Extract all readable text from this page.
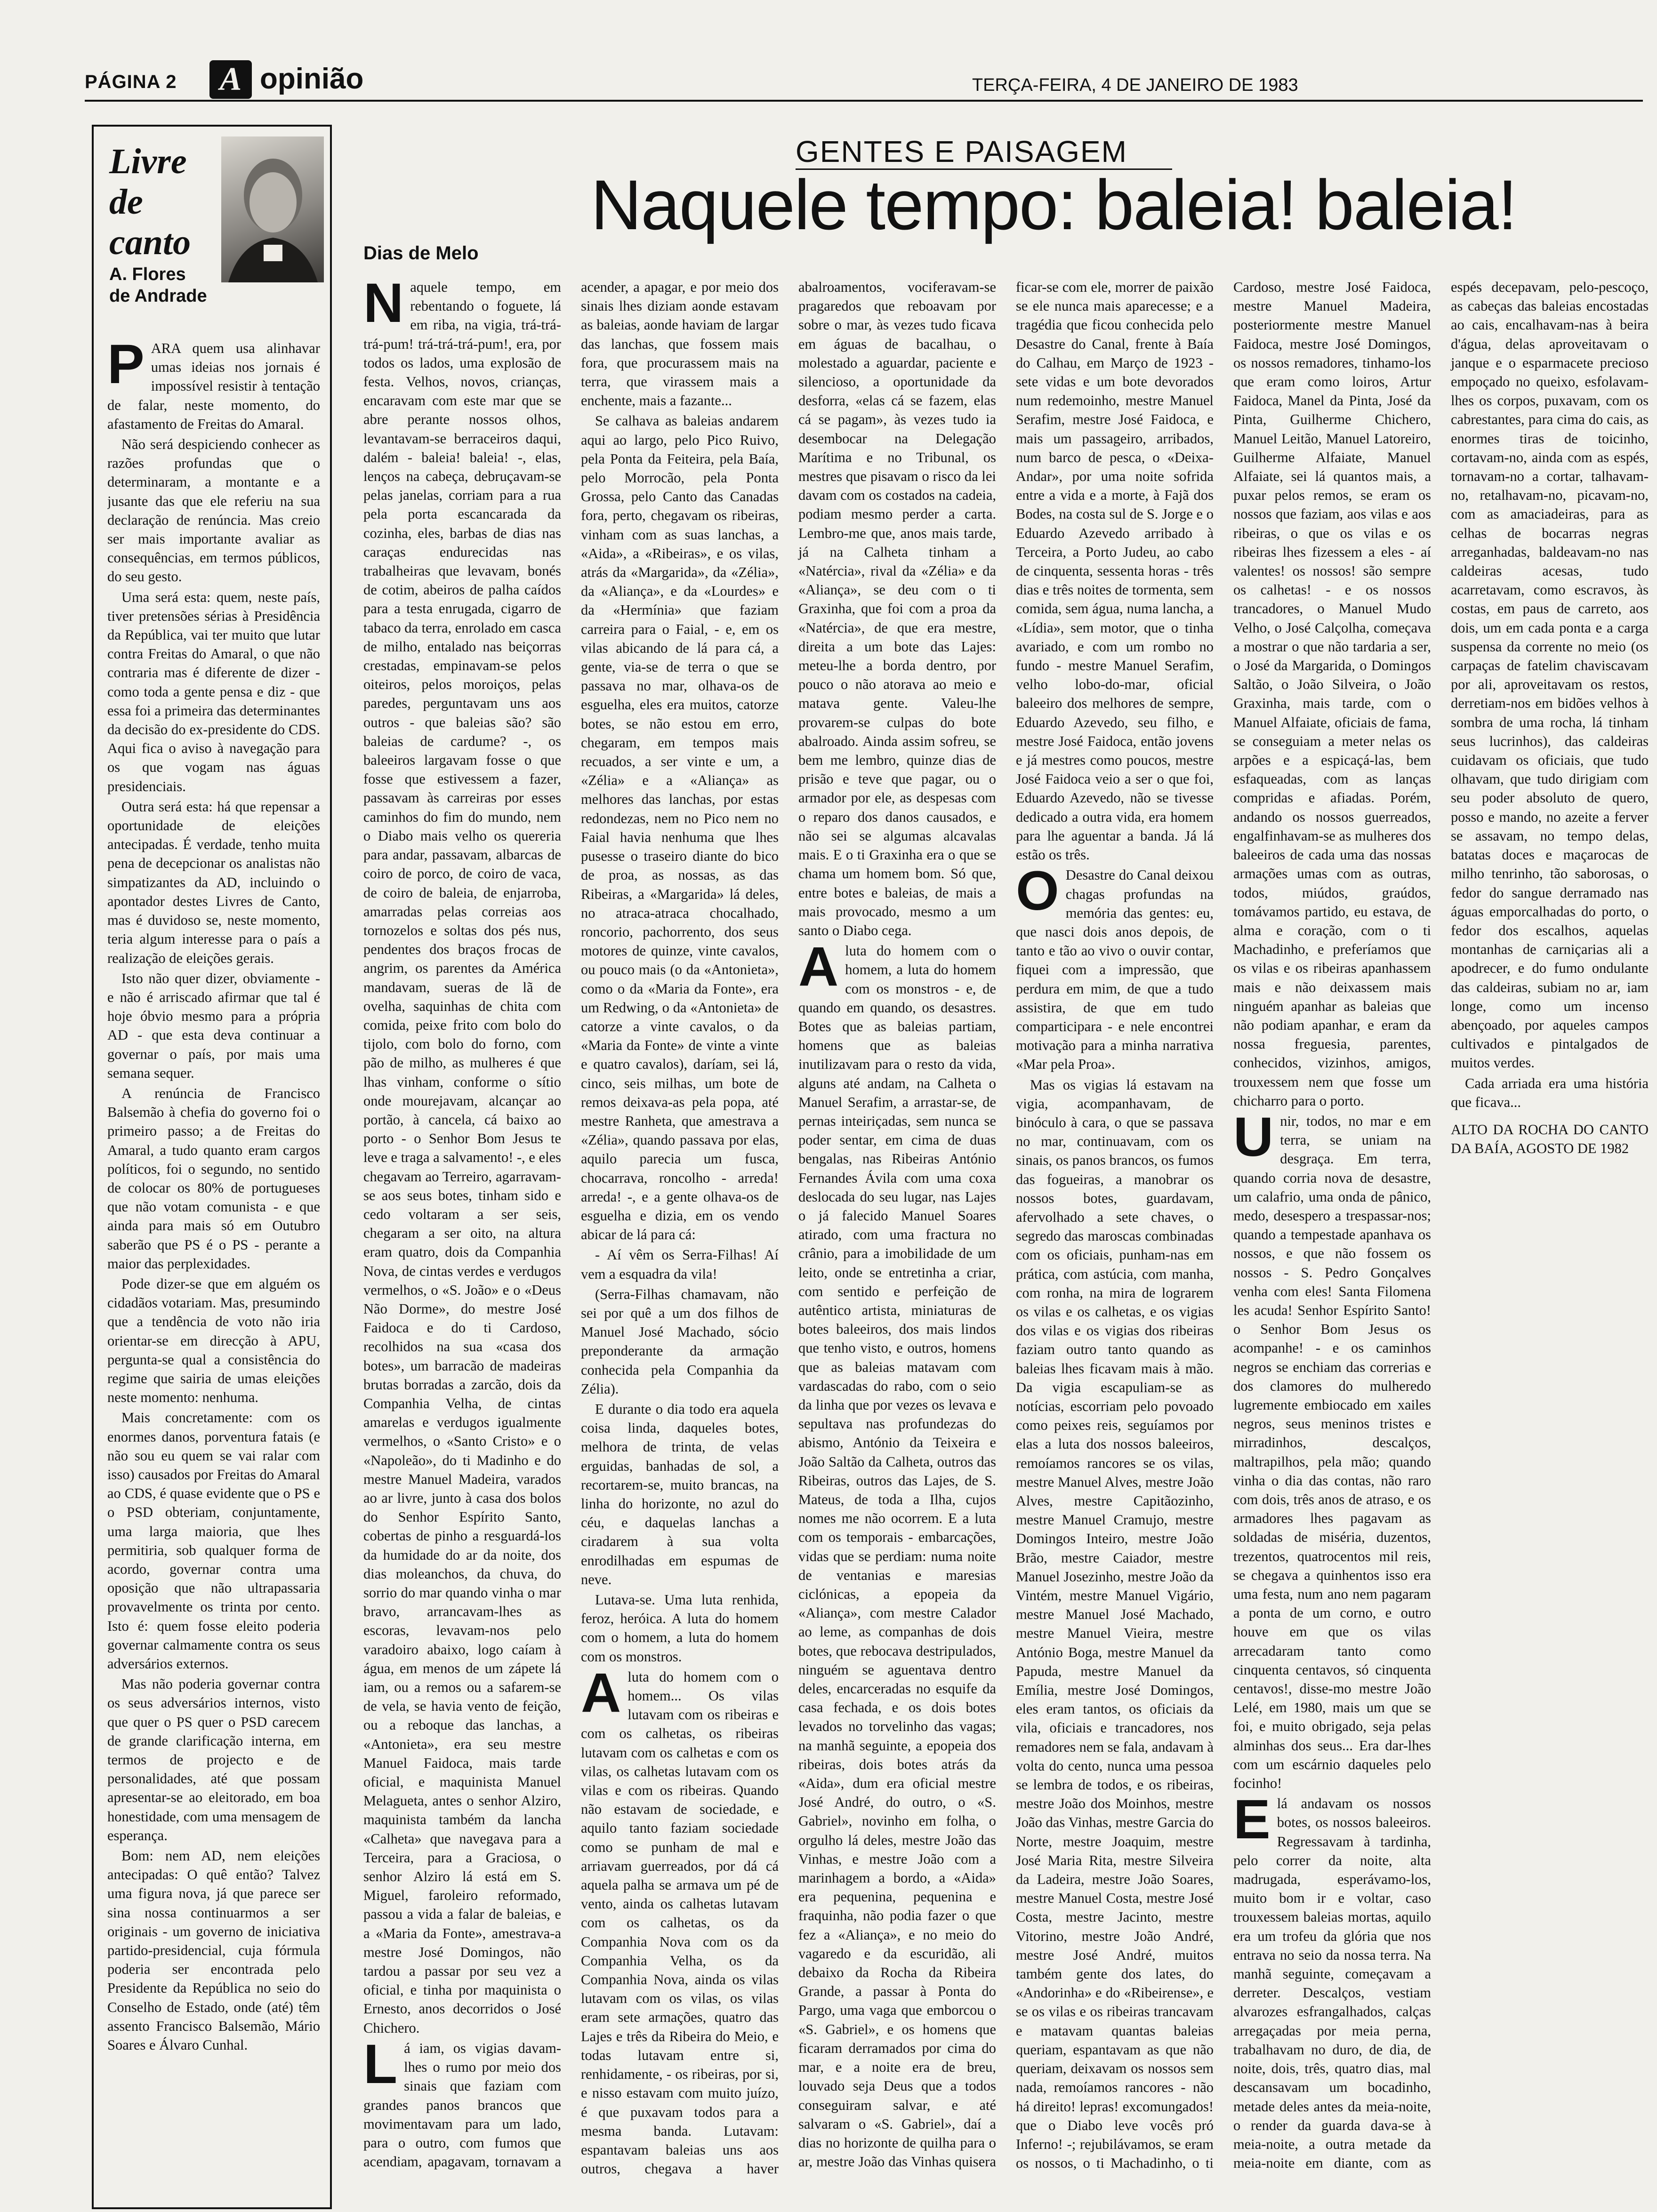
PÁGINA 2	A opinião	TERÇA-FEIRA, 4 DE JANEIRO DE 1983
Livre
de
canto
A. Flores
de Andrade

PARA quem usa alinhavar umas ideias nos jornais é impossível resistir à tentação de falar, neste momento, do afastamento de Freitas do Amaral.

Não será despiciendo conhecer as razões profundas que o determinaram, a montante e a jusante das que ele referiu na sua declaração de renúncia. Mas creio ser mais importante avaliar as consequências, em termos públicos, do seu gesto.

Uma será esta: quem, neste país, tiver pretensões sérias à Presidência da República, vai ter muito que lutar contra Freitas do Amaral, o que não contraria mas é diferente de dizer - como toda a gente pensa e diz - que essa foi a primeira das determinantes da decisão do ex-presidente do CDS. Aqui fica o aviso à navegação para os que vogam nas águas presidenciais.

Outra será esta: há que repensar a oportunidade de eleições antecipadas. É verdade, tenho muita pena de decepcionar os analistas não simpatizantes da AD, incluindo o apontador destes Livres de Canto, mas é duvidoso se, neste momento, teria algum interesse para o país a realização de eleições gerais.

Isto não quer dizer, obviamente - e não é arriscado afirmar que tal é hoje óbvio mesmo para a própria AD - que esta deva continuar a governar o país, por mais uma semana sequer.

A renúncia de Francisco Balsemão à chefia do governo foi o primeiro passo; a de Freitas do Amaral, a tudo quanto eram cargos políticos, foi o segundo, no sentido de colocar os 80% de portugueses que não votam comunista - e que ainda para mais só em Outubro saberão que PS é o PS - perante a maior das perplexidades.

Pode dizer-se que em alguém os cidadãos votariam. Mas, presumindo que a tendência de voto não iria orientar-se em direcção à APU, pergunta-se qual a consistência do regime que sairia de umas eleições neste momento: nenhuma.

Mais concretamente: com os enormes danos, porventura fatais (e não sou eu quem se vai ralar com isso) causados por Freitas do Amaral ao CDS, é quase evidente que o PS e o PSD obteriam, conjuntamente, uma larga maioria, que lhes permitiria, sob qualquer forma de acordo, governar contra uma oposição que não ultrapassaria provavelmente os trinta por cento. Isto é: quem fosse eleito poderia governar calmamente contra os seus adversários externos.

Mas não poderia governar contra os seus adversários internos, visto que quer o PS quer o PSD carecem de grande clarificação interna, em termos de projecto e de personalidades, até que possam apresentar-se ao eleitorado, em boa honestidade, com uma mensagem de esperança.

Bom: nem AD, nem eleições antecipadas: O quê então? Talvez uma figura nova, já que parece ser sina nossa continuarmos a ser originais - um governo de iniciativa partido-presidencial, cuja fórmula poderia ser encontrada pelo Presidente da República no seio do Conselho de Estado, onde (até) têm assento Francisco Balsemão, Mário Soares e Álvaro Cunhal.

GENTES E PAISAGEM
Naquele tempo: baleia! baleia!
Dias de Melo

Naquele tempo, em rebentando o foguete, lá em riba, na vigia, trá-trá-trá-pum! trá-trá-trá-pum!, era, por todos os lados, uma explosão de festa. Velhos, novos, crianças, encaravam com este mar que se abre perante nossos olhos, levantavam-se berraceiros daqui, dalém - baleia! baleia! -, elas, lenços na cabeça, debruçavam-se pelas janelas, corriam para a rua pela porta escancarada da cozinha, eles, barbas de dias nas caraças endurecidas nas trabalheiras que levavam, bonés de cotim, abeiros de palha caídos para a testa enrugada, cigarro de tabaco da terra, enrolado em casca de milho, entalado nas beiçorras crestadas, empinavam-se pelos oiteiros, pelos moroiços, pelas paredes, perguntavam uns aos outros - que baleias são? são baleias de cardume? -, os baleeiros largavam fosse o que fosse que estivessem a fazer, passavam às carreiras por esses caminhos do fim do mundo, nem o Diabo mais velho os quereria para andar, passavam, albarcas de coiro de porco, de coiro de vaca, de coiro de baleia, de enjarroba, amarradas pelas correias aos tornozelos e soltas dos pés nus, pendentes dos braços frocas de angrim, os parentes da América mandavam, sueras de lã de ovelha, saquinhas de chita com comida, peixe frito com bolo do tijolo, com bolo do forno, com pão de milho, as mulheres é que lhas vinham, conforme o sítio onde mourejavam, alcançar ao portão, à cancela, cá baixo ao porto - o Senhor Bom Jesus te leve e traga a salvamento! -, e eles chegavam ao Terreiro, agarravam-se aos seus botes, tinham sido e cedo voltaram a ser seis, chegaram a ser oito, na altura eram quatro, dois da Companhia Nova, de cintas verdes e verdugos vermelhos, o «S. João» e o «Deus Não Dorme», do mestre José Faidoca e do ti Cardoso, recolhidos na sua «casa dos botes», um barracão de madeiras brutas borradas a zarcão, dois da Companhia Velha, de cintas amarelas e verdugos igualmente vermelhos, o «Santo Cristo» e o «Napoleão», do ti Madinho e do mestre Manuel Madeira, varados ao ar livre, junto à casa dos bolos do Senhor Espírito Santo, cobertas de pinho a resguardá-los da humidade do ar da noite, dos dias moleanchos, da chuva, do sorrio do mar quando vinha o mar bravo, arrancavam-lhes as escoras, levavam-nos pelo varadoiro abaixo, logo caíam à água, em menos de um zápete lá iam, ou a remos ou a safarem-se de vela, se havia vento de feição, ou a reboque das lanchas, a «Antonieta», era seu mestre Manuel Faidoca, mais tarde oficial, e maquinista Manuel Melagueta, antes o senhor Alziro, maquinista também da lancha «Calheta» que navegava para a Terceira, para a Graciosa, o senhor Alziro lá está em S. Miguel, faroleiro reformado, passou a vida a falar de baleias, e a «Maria da Fonte», amestrava-a mestre José Domingos, não tardou a passar por seu vez a oficial, e tinha por maquinista o Ernesto, anos decorridos o José Chichero.

Lá iam, os vigias davam-lhes o rumo por meio dos sinais que faziam com grandes panos brancos que movimentavam para um lado, para o outro, com fumos que acendiam, apagavam, tornavam a acender, a apagar, e por meio dos sinais lhes diziam aonde estavam as baleias, aonde haviam de largar das lanchas, que fossem mais fora, que procurassem mais na terra, que virassem mais a enchente, mais a fazante...

Se calhava as baleias andarem aqui ao largo, pelo Pico Ruivo, pela Ponta da Feiteira, pela Baía, pelo Morrocão, pela Ponta Grossa, pelo Canto das Canadas fora, perto, chegavam os ribeiras, vinham com as suas lanchas, a «Aida», a «Ribeiras», e os vilas, atrás da «Margarida», da «Zélia», da «Aliança», e da «Lourdes» e da «Hermínia» que faziam carreira para o Faial, - e, em os vilas abicando de lá para cá, a gente, via-se de terra o que se passava no mar, olhava-os de esguelha, eles era muitos, catorze botes, se não estou em erro, chegaram, em tempos mais recuados, a ser vinte e um, a «Zélia» e a «Aliança» as melhores das lanchas, por estas redondezas, nem no Pico nem no Faial havia nenhuma que lhes pusesse o traseiro diante do bico de proa, as nossas, as das Ribeiras, a «Margarida» lá deles, no atraca-atraca chocalhado, roncorio, pachorrento, dos seus motores de quinze, vinte cavalos, ou pouco mais (o da «Antonieta», como o da «Maria da Fonte», era um Redwing, o da «Antonieta» de catorze a vinte cavalos, o da «Maria da Fonte» de vinte a vinte e quatro cavalos), daríam, sei lá, cinco, seis milhas, um bote de remos deixava-as pela popa, até mestre Ranheta, que amestrava a «Zélia», quando passava por elas, aquilo parecia um fusca, chocarrava, roncolho - arreda! arreda! -, e a gente olhava-os de esguelha e dizia, em os vendo abicar de lá para cá:

- Aí vêm os Serra-Filhas! Aí vem a esquadra da vila!

(Serra-Filhas chamavam, não sei por quê a um dos filhos de Manuel José Machado, sócio preponderante da armação conhecida pela Companhia da Zélia).

E durante o dia todo era aquela coisa linda, daqueles botes, melhora de trinta, de velas erguidas, banhadas de sol, a recortarem-se, muito brancas, na linha do horizonte, no azul do céu, e daquelas lanchas a ciradarem à sua volta enrodilhadas em espumas de neve.

Lutava-se. Uma luta renhida, feroz, heróica. A luta do homem com o homem, a luta do homem com os monstros.

A luta do homem com o homem... Os vilas lutavam com os ribeiras e com os calhetas, os ribeiras lutavam com os calhetas e com os vilas, os calhetas lutavam com os vilas e com os ribeiras. Quando não estavam de sociedade, e aquilo tanto faziam sociedade como se punham de mal e arriavam guerreados, por dá cá aquela palha se armava um pé de vento, ainda os calhetas lutavam com os calhetas, os da Companhia Nova com os da Companhia Velha, os da Companhia Nova, ainda os vilas lutavam com os vilas, os vilas eram sete armações, quatro das Lajes e três da Ribeira do Meio, e todas lutavam entre si, renhidamente, - os ribeiras, por si, e nisso estavam com muito juízo, é que puxavam todos para a mesma banda. Lutavam: espantavam baleias uns aos outros, chegava a haver abalroamentos, vociferavam-se pragaredos que reboavam por sobre o mar, às vezes tudo ficava em águas de bacalhau, o molestado a aguardar, paciente e silencioso, a oportunidade da desforra, «elas cá se fazem, elas cá se pagam», às vezes tudo ia desembocar na Delegação Marítima e no Tribunal, os mestres que pisavam o risco da lei davam com os costados na cadeia, podiam mesmo perder a carta. Lembro-me que, anos mais tarde, já na Calheta tinham a «Natércia», rival da «Zélia» e da «Aliança», se deu com o ti Graxinha, que foi com a proa da «Natércia», de que era mestre, direita a um bote das Lajes: meteu-lhe a borda dentro, por pouco o não atorava ao meio e matava gente. Valeu-lhe provarem-se culpas do bote abalroado. Ainda assim sofreu, se bem me lembro, quinze dias de prisão e teve que pagar, ou o armador por ele, as despesas com o reparo dos danos causados, e não sei se algumas alcavalas mais. E o ti Graxinha era o que se chama um homem bom. Só que, entre botes e baleias, de mais a mais provocado, mesmo a um santo o Diabo cega.

A luta do homem com o homem, a luta do homem com os monstros - e, de quando em quando, os desastres. Botes que as baleias partiam, homens que as baleias inutilizavam para o resto da vida, alguns até andam, na Calheta o Manuel Serafim, a arrastar-se, de pernas inteiriçadas, sem nunca se poder sentar, em cima de duas bengalas, nas Ribeiras António Fernandes Ávila com uma coxa deslocada do seu lugar, nas Lajes o já falecido Manuel Soares atirado, com uma fractura no crânio, para a imobilidade de um leito, onde se entretinha a criar, com sentido e perfeição de autêntico artista, miniaturas de botes baleeiros, dos mais lindos que tenho visto, e outros, homens que as baleias matavam com vardascadas do rabo, com o seio da linha que por vezes os levava e sepultava nas profundezas do abismo, António da Teixeira e João Saltão da Calheta, outros das Ribeiras, outros das Lajes, de S. Mateus, de toda a Ilha, cujos nomes me não ocorrem. E a luta com os temporais - embarcações, vidas que se perdiam: numa noite de ventanias e maresias ciclónicas, a epopeia da «Aliança», com mestre Calador ao leme, as companhas de dois botes, que rebocava destripulados, ninguém se aguentava dentro deles, encarceradas no esquife da casa fechada, e os dois botes levados no torvelinho das vagas; na manhã seguinte, a epopeia dos ribeiras, dois botes atrás da «Aida», dum era oficial mestre José André, do outro, o «S. Gabriel», novinho em folha, o orgulho lá deles, mestre João das Vinhas, e mestre João com a marinhagem a bordo, a «Aida» era pequenina, pequenina e fraquinha, não podia fazer o que fez a «Aliança», e no meio do vagaredo e da escuridão, ali debaixo da Rocha da Ribeira Grande, a passar à Ponta do Pargo, uma vaga que emborcou o «S. Gabriel», e os homens que ficaram derramados por cima do mar, e a noite era de breu, louvado seja Deus que a todos conseguiram salvar, e até salvaram o «S. Gabriel», daí a dias no horizonte de quilha para o ar, mestre João das Vinhas quisera ficar-se com ele, morrer de paixão se ele nunca mais aparecesse; e a tragédia que ficou conhecida pelo Desastre do Canal, frente à Baía do Calhau, em Março de 1923 - sete vidas e um bote devorados num redemoinho, mestre Manuel Serafim, mestre José Faidoca, e mais um passageiro, arribados, num barco de pesca, o «Deixa-Andar», por uma noite sofrida entre a vida e a morte, à Fajã dos Bodes, na costa sul de S. Jorge e o Eduardo Azevedo arribado à Terceira, a Porto Judeu, ao cabo de cinquenta, sessenta horas - três dias e três noites de tormenta, sem comida, sem água, numa lancha, a «Lídia», sem motor, que o tinha avariado, e com um rombo no fundo - mestre Manuel Serafim, velho lobo-do-mar, oficial baleeiro dos melhores de sempre, Eduardo Azevedo, seu filho, e mestre José Faidoca, então jovens e já mestres como poucos, mestre José Faidoca veio a ser o que foi, Eduardo Azevedo, não se tivesse dedicado a outra vida, era homem para lhe aguentar a banda. Já lá estão os três.

O Desastre do Canal deixou chagas profundas na memória das gentes: eu, que nasci dois anos depois, de tanto e tão ao vivo o ouvir contar, fiquei com a impressão, que perdura em mim, de que a tudo assistira, de que em tudo comparticipara - e nele encontrei motivação para a minha narrativa «Mar pela Proa».

Mas os vigias lá estavam na vigia, acompanhavam, de binóculo à cara, o que se passava no mar, continuavam, com os sinais, os panos brancos, os fumos das fogueiras, a manobrar os nossos botes, guardavam, afervolhado a sete chaves, o segredo das maroscas combinadas com os oficiais, punham-nas em prática, com astúcia, com manha, com ronha, na mira de lograrem os vilas e os calhetas, e os vigias dos vilas e os vigias dos ribeiras faziam outro tanto quando as baleias lhes ficavam mais à mão. Da vigia escapuliam-se as notícias, escorriam pelo povoado como peixes reis, seguíamos por elas a luta dos nossos baleeiros, remoíamos rancores se os vilas, mestre Manuel Alves, mestre João Alves, mestre Capitãozinho, mestre Manuel Cramujo, mestre Domingos Inteiro, mestre João Brão, mestre Caiador, mestre Manuel Josezinho, mestre João da Vintém, mestre Manuel Vigário, mestre Manuel José Machado, mestre Manuel Vieira, mestre António Boga, mestre Manuel da Papuda, mestre Manuel da Emília, mestre José Domingos, eles eram tantos, os oficiais da vila, oficiais e trancadores, nos remadores nem se fala, andavam à volta do cento, nunca uma pessoa se lembra de todos, e os ribeiras, mestre João dos Moinhos, mestre João das Vinhas, mestre Garcia do Norte, mestre Joaquim, mestre José Maria Rita, mestre Silveira da Ladeira, mestre João Soares, mestre Manuel Costa, mestre José Costa, mestre Jacinto, mestre Vitorino, mestre João André, mestre José André, muitos também gente dos lates, do «Andorinha» e do «Ribeirense», e se os vilas e os ribeiras trancavam e matavam quantas baleias queriam, espantavam as que não queriam, deixavam os nossos sem nada, remoíamos rancores - não há direito! lepras! excomungados! que o Diabo leve vocês pró Inferno! -; rejubilávamos, se eram os nossos, o ti Machadinho, o ti Cardoso, mestre José Faidoca, mestre Manuel Madeira, posteriormente mestre Manuel Faidoca, mestre José Domingos, os nossos remadores, tinhamo-los que eram como loiros, Artur Faidoca, Manel da Pinta, José da Pinta, Guilherme Chichero, Manuel Leitão, Manuel Latoreiro, Guilherme Alfaiate, Manuel Alfaiate, sei lá quantos mais, a puxar pelos remos, se eram os nossos que faziam, aos vilas e aos ribeiras, o que os vilas e os ribeiras lhes fizessem a eles - aí valentes! os nossos! são sempre os calhetas! - e os nossos trancadores, o Manuel Mudo Velho, o José Calçolha, começava a mostrar o que não tardaria a ser, o José da Margarida, o Domingos Saltão, o João Silveira, o João Graxinha, mais tarde, com o Manuel Alfaiate, oficiais de fama, se conseguiam a meter nelas os arpões e a espicaçá-las, bem esfaqueadas, com as lanças compridas e afiadas. Porém, andando os nossos guerreados, engalfinhavam-se as mulheres dos baleeiros de cada uma das nossas armações umas com as outras, todos, miúdos, graúdos, tomávamos partido, eu estava, de alma e coração, com o ti Machadinho, e preferíamos que os vilas e os ribeiras apanhassem mais e não deixassem mais ninguém apanhar as baleias que não podiam apanhar, e eram da nossa freguesia, parentes, conhecidos, vizinhos, amigos, trouxessem nem que fosse um chicharro para o porto.

Unir, todos, no mar e em terra, se uniam na desgraça. Em terra, quando corria nova de desastre, um calafrio, uma onda de pânico, medo, desespero a trespassar-nos; quando a tempestade apanhava os nossos, e que não fossem os nossos - S. Pedro Gonçalves venha com eles! Santa Filomena les acuda! Senhor Espírito Santo! o Senhor Bom Jesus os acompanhe! - e os caminhos negros se enchiam das correrias e dos clamores do mulheredo lugremente embiocado em xailes negros, seus meninos tristes e mirradinhos, descalços, maltrapilhos, pela mão; quando vinha o dia das contas, não raro com dois, três anos de atraso, e os armadores lhes pagavam as soldadas de miséria, duzentos, trezentos, quatrocentos mil reis, se chegava a quinhentos isso era uma festa, num ano nem pagaram a ponta de um corno, e outro houve em que os vilas arrecadaram tanto como cinquenta centavos, só cinquenta centavos!, disse-mo mestre João Lelé, em 1980, mais um que se foi, e muito obrigado, seja pelas alminhas dos seus... Era dar-lhes com um escárnio daqueles pelo focinho!

Elá andavam os nossos botes, os nossos baleeiros. Regressavam à tardinha, pelo correr da noite, alta madrugada, esperávamo-los, muito bom ir e voltar, caso trouxessem baleias mortas, aquilo era um trofeu da glória que nos entrava no seio da nossa terra. Na manhã seguinte, começavam a derreter. Descalços, vestiam alvarozes esfrangalhados, calças arregaçadas por meia perna, trabalhavam no duro, de dia, de noite, dois, três, quatro dias, mal descansavam um bocadinho, metade deles antes da meia-noite, o render da guarda dava-se à meia-noite, a outra metade da meia-noite em diante, com as espés decepavam, pelo-pescoço, as cabeças das baleias encostadas ao cais, encalhavam-nas à beira d'água, delas aproveitavam o janque e o esparmacete precioso empoçado no queixo, esfolavam-lhes os corpos, puxavam, com os cabrestantes, para cima do cais, as enormes tiras de toicinho, cortavam-no, ainda com as espés, tornavam-no a cortar, talhavam-no, retalhavam-no, picavam-no, com as amaciadeiras, para as celhas de bocarras negras arreganhadas, baldeavam-no nas caldeiras acesas, tudo acarretavam, como escravos, às costas, em paus de carreto, aos dois, um em cada ponta e a carga suspensa da corrente no meio (os carpaças de fatelim chaviscavam por ali, aproveitavam os restos, derretiam-nos em bidões velhos à sombra de uma rocha, lá tinham seus lucrinhos), das caldeiras cuidavam os oficiais, que tudo olhavam, que tudo dirigiam com seu poder absoluto de quero, posso e mando, no azeite a ferver se assavam, no tempo delas, batatas doces e maçarocas de milho tenrinho, tão saborosas, o fedor do sangue derramado nas águas emporcalhadas do porto, o fedor dos escalhos, aquelas montanhas de carniçarias ali a apodrecer, e do fumo ondulante das caldeiras, subiam no ar, iam longe, como um incenso abençoado, por aqueles campos cultivados e pintalgados de muitos verdes.

Cada arriada era uma história que ficava...

ALTO DA ROCHA DO CANTO DA BAÍA, AGOSTO DE 1982
